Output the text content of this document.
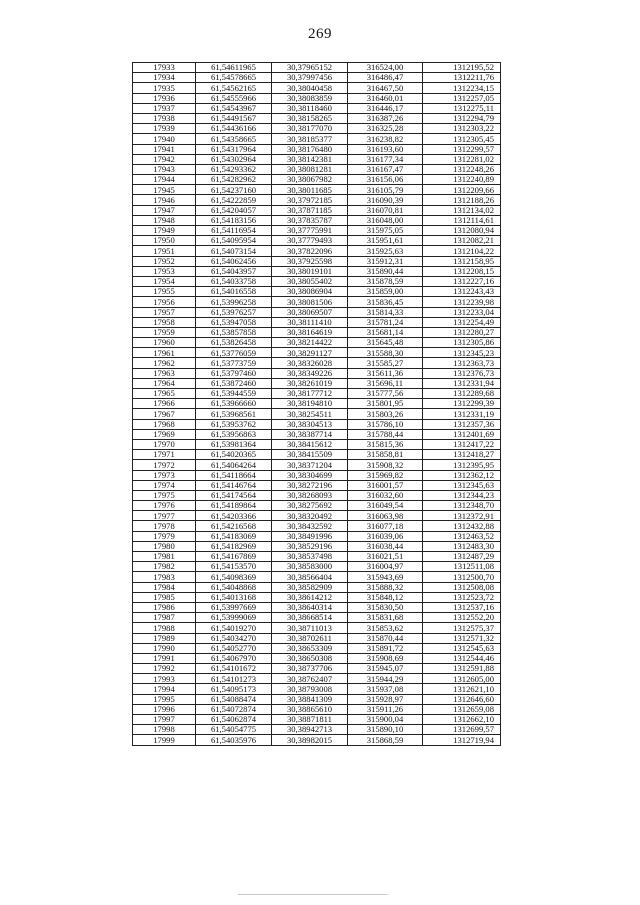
269
17933	61,54611965	30,37965152	316524,00	1312195,52
17934	61,54578665	30,37997456	316486,47	1312211,76
17935	61,54562165	30,38040458	316467,50	1312234,15
17936	61,54555966	30,38083859	316460,01	1312257,05
17937	61,54543967	30,38118460	316446,17	1312275,11
17938	61,54491567	30,38158265	316387,26	1312294,79
17939	61,54436166	30,38177070	316325,28	1312303,22
17940	61,54358665	30,38185377	316238,82	1312305,45
17941	61,54317964	30,38176480	316193,60	1312299,57
17942	61,54302964	30,38142381	316177,34	1312281,02
17943	61,54293362	30,38081281	316167,47	1312248,26
17944	61,54282962	30,38067982	316156,06	1312240,89
17945	61,54237160	30,38011685	316105,79	1312209,66
17946	61,54222859	30,37972185	316090,39	1312188,26
17947	61,54204057	30,37871185	316070,81	1312134,02
17948	61,54183156	30,37835787	316048,00	1312114,61
17949	61,54116954	30,37775991	315975,05	1312080,94
17950	61,54095954	30,37779493	315951,61	1312082,21
17951	61,54073154	30,37822096	315925,63	1312104,22
17952	61,54062456	30,37925598	315912,31	1312158,95
17953	61,54043957	30,38019101	315890,44	1312208,15
17954	61,54033758	30,38055402	315878,59	1312227,16
17955	61,54016558	30,38086904	315859,00	1312243,43
17956	61,53996258	30,38081506	315836,45	1312239,98
17957	61,53976257	30,38069507	315814,33	1312233,04
17958	61,53947058	30,38111410	315781,24	1312254,49
17959	61,53857858	30,38164619	315681,14	1312280,27
17960	61,53826458	30,38214422	315645,48	1312305,86
17961	61,53776059	30,38291127	315588,30	1312345,23
17962	61,53773759	30,38326028	315585,27	1312363,73
17963	61,53797460	30,38349226	315611,36	1312376,73
17964	61,53872460	30,38261019	315696,11	1312331,94
17965	61,53944559	30,38177712	315777,56	1312289,68
17966	61,53966660	30,38194810	315801,95	1312299,39
17967	61,53968561	30,38254511	315803,26	1312331,19
17968	61,53953762	30,38304513	315786,10	1312357,36
17969	61,53956863	30,38387714	315788,44	1312401,69
17970	61,53981364	30,38415612	315815,36	1312417,22
17971	61,54020365	30,38415509	315858,81	1312418,27
17972	61,54064264	30,38371204	315908,32	1312395,95
17973	61,54118664	30,38304699	315969,82	1312362,12
17974	61,54146764	30,38272196	316001,57	1312345,63
17975	61,54174564	30,38268093	316032,60	1312344,23
17976	61,54189864	30,38275692	316049,54	1312348,70
17977	61,54203366	30,38320492	316063,98	1312372,91
17978	61,54216568	30,38432592	316077,18	1312432,88
17979	61,54183069	30,38491996	316039,06	1312463,52
17980	61,54182969	30,38529196	316038,44	1312483,30
17981	61,54167869	30,38537498	316021,51	1312487,29
17982	61,54153570	30,38583000	316004,97	1312511,08
17983	61,54098369	30,38566404	315943,69	1312500,70
17984	61,54048868	30,38582909	315888,32	1312508,08
17985	61,54013168	30,38614212	315848,12	1312523,72
17986	61,53997669	30,38640314	315830,50	1312537,16
17987	61,53999069	30,38668514	315831,68	1312552,20
17988	61,54019270	30,38711013	315853,62	1312575,37
17989	61,54034270	30,38702611	315870,44	1312571,32
17990	61,54052770	30,38653309	315891,72	1312545,63
17991	61,54067970	30,38650308	315908,69	1312544,46
17992	61,54101672	30,38737706	315945,07	1312591,88
17993	61,54101273	30,38762407	315944,29	1312605,00
17994	61,54095173	30,38793008	315937,08	1312621,10
17995	61,54088474	30,38841309	315928,97	1312646,60
17996	61,54072874	30,38865610	315911,26	1312659,08
17997	61,54062874	30,38871811	315900,04	1312662,10
17998	61,54054775	30,38942713	315890,10	1312699,57
17999	61,54035976	30,38982015	315868,59	1312719,94
